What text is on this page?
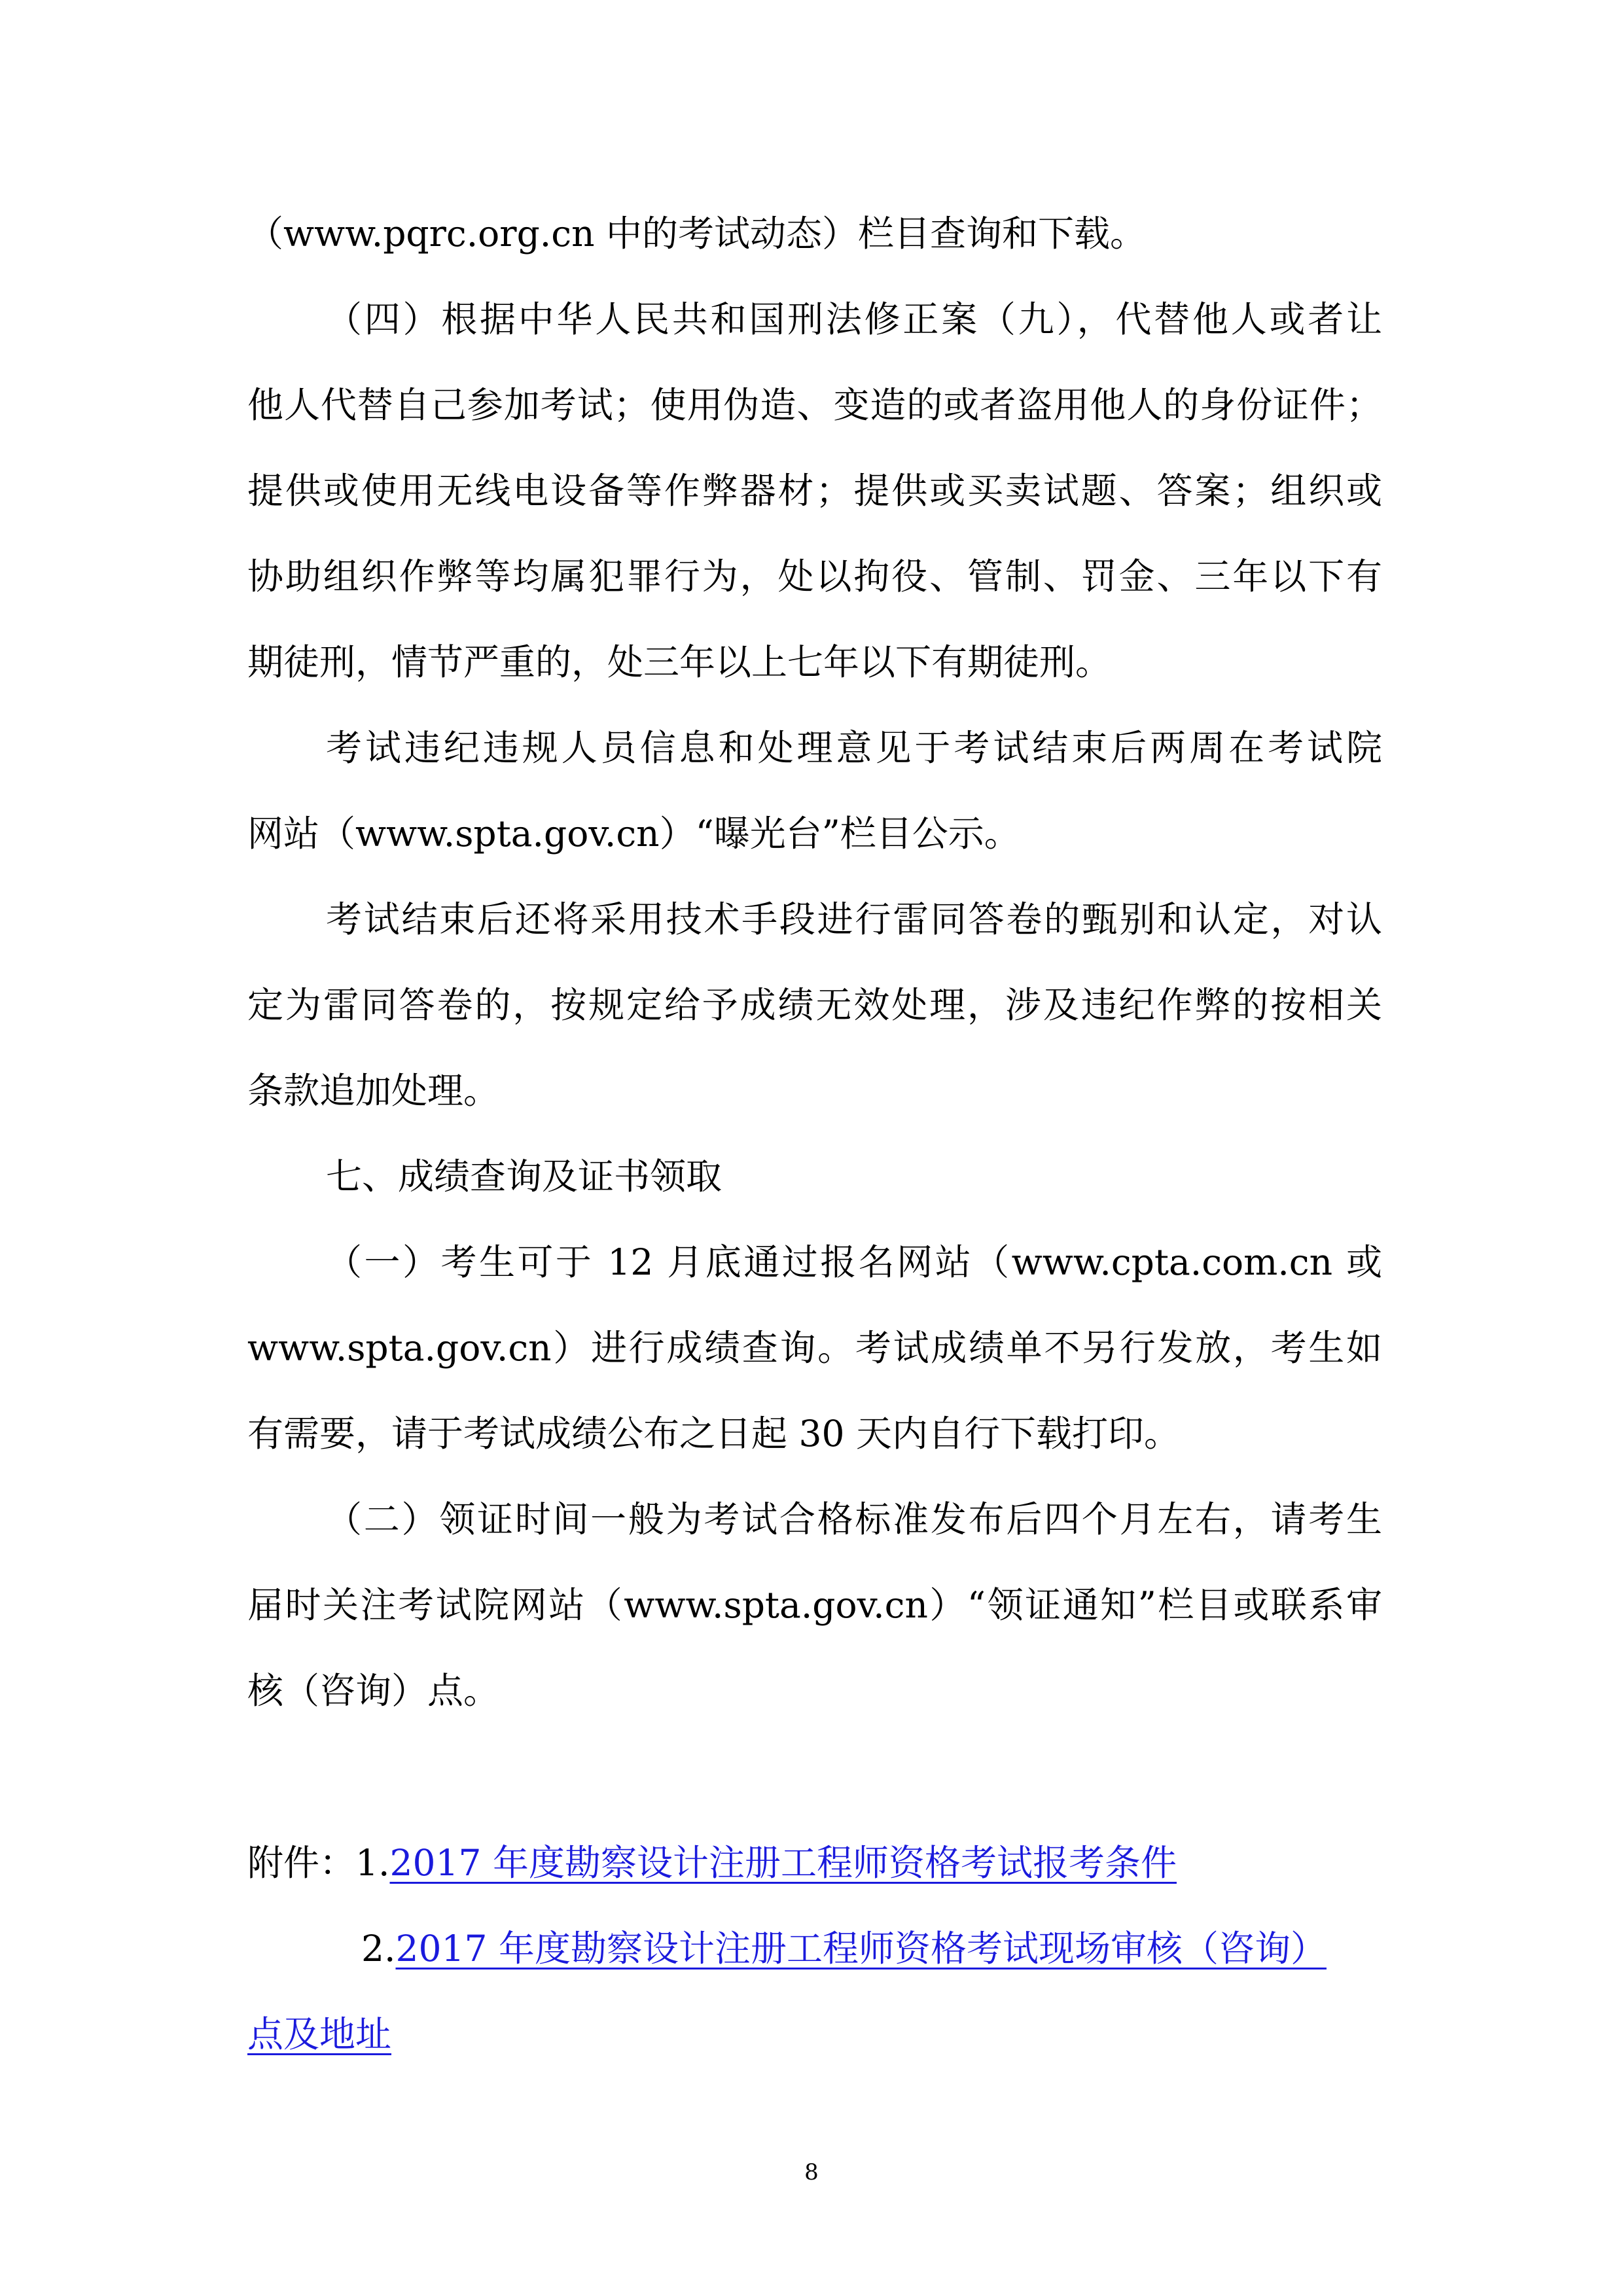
（www.pqrc.org.cn 中的考试动态）栏目查询和下载。
（四）根据中华人民共和国刑法修正案（九），代替他人或者让
他人代替自己参加考试；使用伪造、变造的或者盗用他人的身份证件；
提供或使用无线电设备等作弊器材；提供或买卖试题、答案；组织或
协助组织作弊等均属犯罪行为，处以拘役、管制、罚金、三年以下有
期徒刑，情节严重的，处三年以上七年以下有期徒刑。
考试违纪违规人员信息和处理意见于考试结束后两周在考试院
网站（www.spta.gov.cn）“曝光台”栏目公示。
考试结束后还将采用技术手段进行雷同答卷的甄别和认定，对认
定为雷同答卷的，按规定给予成绩无效处理，涉及违纪作弊的按相关
条款追加处理。
七、成绩查询及证书领取
（一）考生可于 12 月底通过报名网站（www.cpta.com.cn 或
www.spta.gov.cn）进行成绩查询。考试成绩单不另行发放，考生如
有需要，请于考试成绩公布之日起 30 天内自行下载打印。
（二）领证时间一般为考试合格标准发布后四个月左右，请考生
届时关注考试院网站（www.spta.gov.cn）“领证通知”栏目或联系审
核（咨询）点。
附件：1.2017 年度勘察设计注册工程师资格考试报考条件
2.2017 年度勘察设计注册工程师资格考试现场审核（咨询）
点及地址
8
